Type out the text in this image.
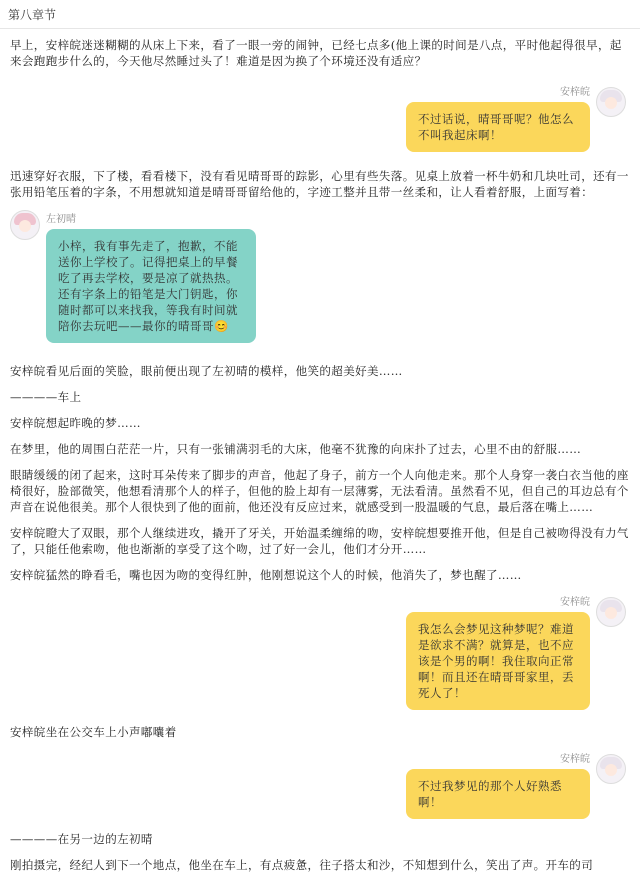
第八章节

早上，安梓皖迷迷糊糊的从床上下来，看了一眼一旁的闹钟，已经七点多(他上课的时间是八点，平时他起得很早，起来会跑跑步什么的，今天他尽然睡过头了！难道是因为换了个环境还没有适应？

安梓皖
不过话说，晴哥哥呢？他怎么不叫我起床啊！

迅速穿好衣服，下了楼，看看楼下，没有看见晴哥哥的踪影，心里有些失落。见桌上放着一杯牛奶和几块吐司，还有一张用铅笔压着的字条，不用想就知道是晴哥哥留给他的，字迹工整并且带一丝柔和，让人看着舒服，上面写着：

左初晴
小梓，我有事先走了，抱歉，不能送你上学校了。记得把桌上的早餐吃了再去学校，要是凉了就热热。还有字条上的铅笔是大门钥匙，你随时都可以来找我，等我有时间就陪你去玩吧——最你的晴哥哥😊

安梓皖看见后面的笑脸，眼前便出现了左初晴的模样，他笑的超美好美……

————车上

安梓皖想起昨晚的梦……

在梦里，他的周围白茫茫一片，只有一张铺满羽毛的大床，他毫不犹豫的向床扑了过去，心里不由的舒服……

眼睛缓缓的闭了起来，这时耳朵传来了脚步的声音，他起了身子，前方一个人向他走来。那个人身穿一袭白衣当他的座椅很好，脸部微笑，他想看清那个人的样子，但他的脸上却有一层薄雾，无法看清。虽然看不见，但自己的耳边总有个声音在说他很美。那个人很快到了他的面前，他还没有反应过来，就感受到一股温暖的气息，最后落在嘴上……

安梓皖瞪大了双眼，那个人继续进攻，撬开了牙关，开始温柔缠绵的吻，安梓皖想要推开他，但是自己被吻得没有力气了，只能任他索吻，他也渐渐的享受了这个吻，过了好一会儿，他们才分开……

安梓皖猛然的睁看毛，嘴也因为吻的变得红肿，他刚想说这个人的时候，他消失了，梦也醒了……

安梓皖
我怎么会梦见这种梦呢？难道是欲求不满？就算是，也不应该是个男的啊！我住取向正常啊！而且还在晴哥哥家里，丢死人了！

安梓皖坐在公交车上小声嘟囔着

安梓皖
不过我梦见的那个人好熟悉啊！

————在另一边的左初晴

刚拍摄完，经纪人到下一个地点，他坐在车上，有点疲惫，往子搭太和沙，不知想到什么，笑出了声。开车的司
